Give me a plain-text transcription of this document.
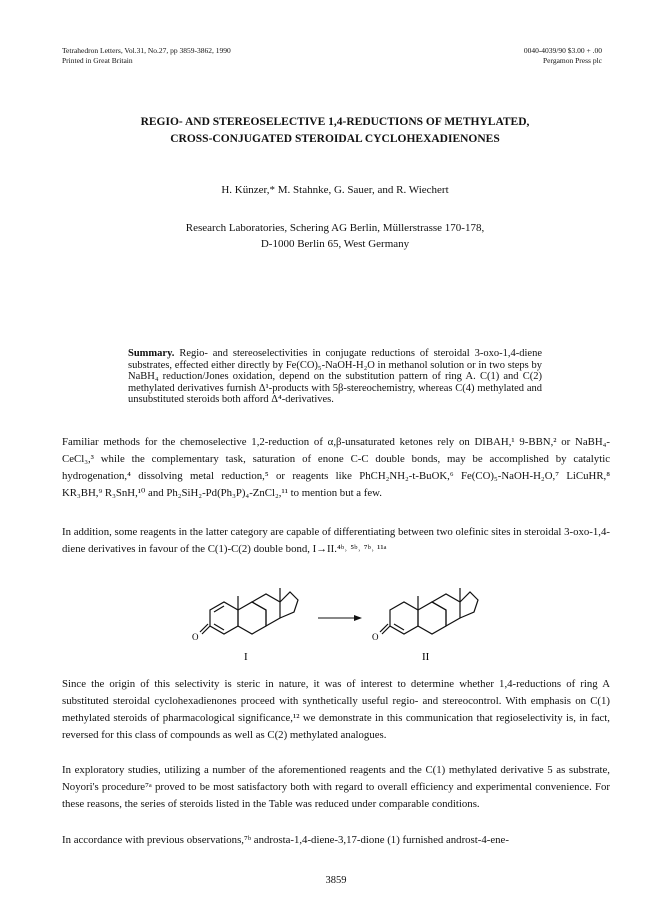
Tetrahedron Letters, Vol.31, No.27, pp 3859-3862, 1990
Printed in Great Britain
0040-4039/90 $3.00 + .00
Pergamon Press plc
REGIO- AND STEREOSELECTIVE 1,4-REDUCTIONS OF METHYLATED,
CROSS-CONJUGATED STEROIDAL CYCLOHEXADIENONES
H. Künzer,* M. Stahnke, G. Sauer, and R. Wiechert
Research Laboratories, Schering AG Berlin, Müllerstrasse 170-178,
D-1000 Berlin 65, West Germany
Summary. Regio- and stereoselectivities in conjugate reductions of steroidal 3-oxo-1,4-diene substrates, effected either directly by Fe(CO)₅-NaOH-H₂O in methanol solution or in two steps by NaBH₄ reduction/Jones oxidation, depend on the substitution pattern of ring A. C(1) and C(2) methylated derivatives furnish Δ¹-products with 5β-stereochemistry, whereas C(4) methylated and unsubstituted steroids both afford Δ⁴-derivatives.

Familiar methods for the chemoselective 1,2-reduction of α,β-unsaturated ketones rely on DIBAH,¹ 9-BBN,² or NaBH₄-CeCl₃,³ while the complementary task, saturation of enone C-C double bonds, may be accomplished by catalytic hydrogenation,⁴ dissolving metal reduction,⁵ or reagents like PhCH₂NH₂-t-BuOK,⁶ Fe(CO)₅-NaOH-H₂O,⁷ LiCuHR,⁸ KR₃BH,⁹ R₃SnH,¹⁰ and Ph₂SiH₂-Pd(Ph₃P)₄-ZnCl₂,¹¹ to mention but a few.

In addition, some reagents in the latter category are capable of differentiating between two olefinic sites in steroidal 3-oxo-1,4-diene derivatives in favour of the C(1)-C(2) double bond, I→II.⁴ᵇ˒ ⁵ᵇ˒ ⁷ᵇ˒ ¹¹ᵃ

O
I
O
II

Since the origin of this selectivity is steric in nature, it was of interest to determine whether 1,4-reductions of ring A substituted steroidal cyclohexadienones proceed with synthetically useful regio- and stereocontrol. With emphasis on C(1) methylated steroids of pharmacological significance,¹² we demonstrate in this communication that regioselectivity is, in fact, reversed for this class of compounds as well as C(2) methylated analogues.

In exploratory studies, utilizing a number of the aforementioned reagents and the C(1) methylated derivative 5 as substrate, Noyori's procedure⁷ᵃ proved to be most satisfactory both with regard to overall efficiency and experimental convenience. For these reasons, the series of steroids listed in the Table was reduced under comparable conditions.

In accordance with previous observations,⁷ᵇ androsta-1,4-diene-3,17-dione (1) furnished androst-4-ene-

3859
